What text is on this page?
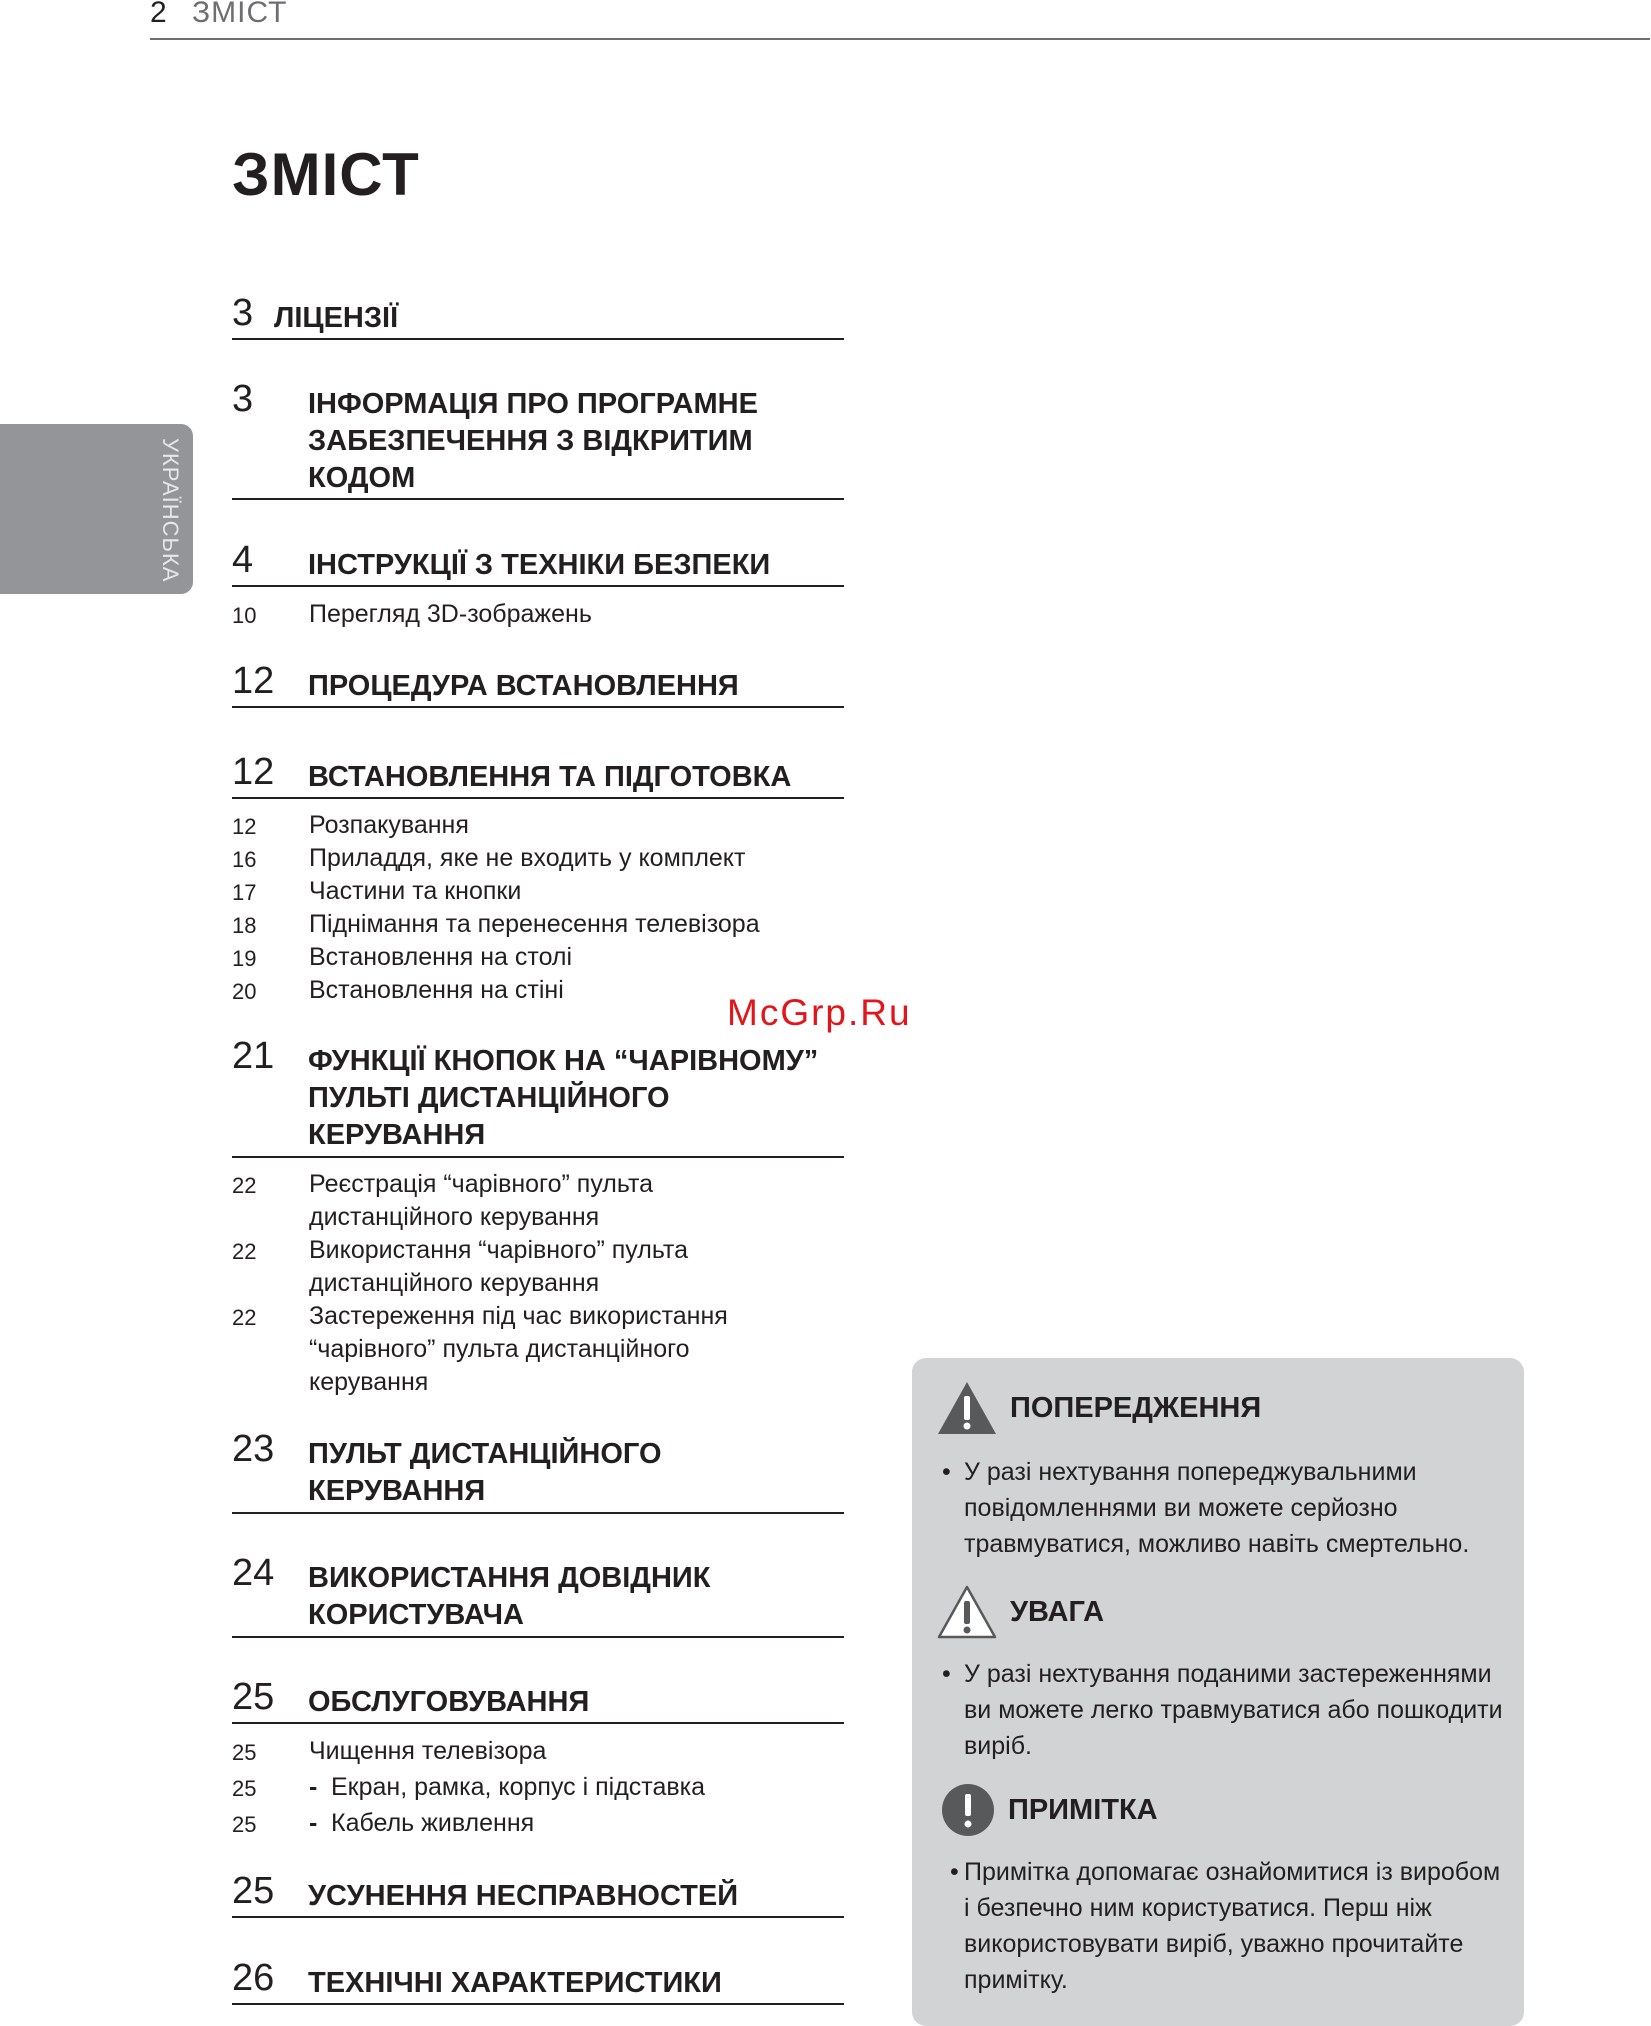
2 ЗМІСТ
УКРАЇНСЬКА
ЗМІСТ
3 ЛІЦЕНЗІЇ
3 ІНФОРМАЦІЯ ПРО ПРОГРАМНЕ ЗАБЕЗПЕЧЕННЯ З ВІДКРИТИМ КОДОМ
4 ІНСТРУКЦІЇ З ТЕХНІКИ БЕЗПЕКИ
10 Перегляд 3D-зображень
12 ПРОЦЕДУРА ВСТАНОВЛЕННЯ
12 ВСТАНОВЛЕННЯ ТА ПІДГОТОВКА
12 Розпакування
16 Приладдя, яке не входить у комплект
17 Частини та кнопки
18 Піднімання та перенесення телевізора
19 Встановлення на столі
20 Встановлення на стіні
21 ФУНКЦІЇ КНОПОК НА “ЧАРІВНОМУ” ПУЛЬТІ ДИСТАНЦІЙНОГО КЕРУВАННЯ
22 Реєстрація “чарівного” пульта дистанційного керування
22 Використання “чарівного” пульта дистанційного керування
22 Застереження під час використання “чарівного” пульта дистанційного керування
23 ПУЛЬТ ДИСТАНЦІЙНОГО КЕРУВАННЯ
24 ВИКОРИСТАННЯ ДОВІДНИК КОРИСТУВАЧА
25 ОБСЛУГОВУВАННЯ
25 Чищення телевізора
25 - Екран, рамка, корпус і підставка
25 - Кабель живлення
25 УСУНЕННЯ НЕСПРАВНОСТЕЙ
26 ТЕХНІЧНІ ХАРАКТЕРИСТИКИ
McGrp.Ru
ПОПЕРЕДЖЕННЯ
• У разі нехтування попереджувальними повідомленнями ви можете серйозно травмуватися, можливо навіть смертельно.
УВАГА
• У разі нехтування поданими застереженнями ви можете легко травмуватися або пошкодити виріб.
ПРИМІТКА
• Примітка допомагає ознайомитися із виробом і безпечно ним користуватися. Перш ніж використовувати виріб, уважно прочитайте примітку.
